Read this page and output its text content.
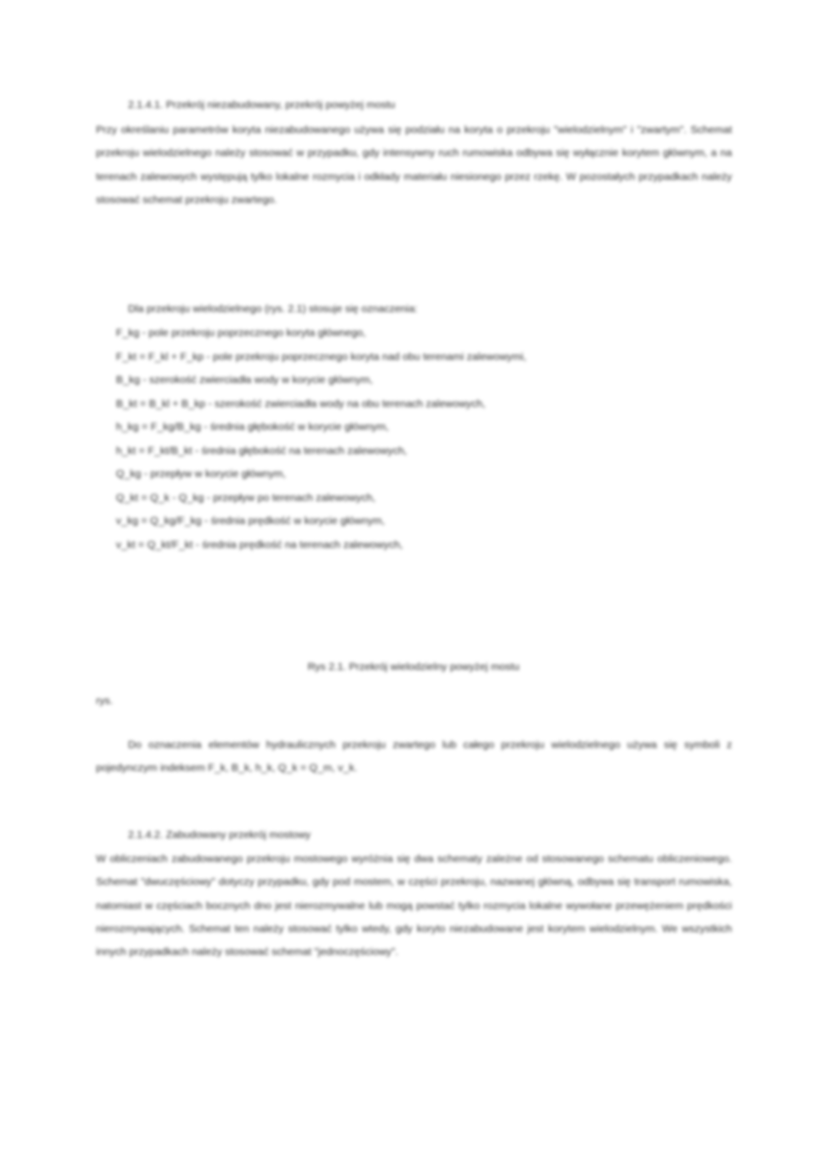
2.1.4.1. Przekrój niezabudowany, przekrój powyżej mostu
Przy określaniu parametrów koryta niezabudowanego używa się podziału na koryta o przekroju "wielodzielnym" i "zwartym". Schemat przekroju wielodzielnego należy stosować w przypadku, gdy intensywny ruch rumowiska odbywa się wyłącznie korytem głównym, a na terenach zalewowych występują tylko lokalne rozmycia i odkłady materiału niesionego przez rzekę. W pozostałych przypadkach należy stosować schemat przekroju zwartego.
Dla przekroju wielodzielnego (rys. 2.1) stosuje się oznaczenia:
F_kg - pole przekroju poprzecznego koryta głównego,
F_kt = F_kl + F_kp - pole przekroju poprzecznego koryta nad obu terenami zalewowymi,
B_kg - szerokość zwierciadła wody w korycie głównym,
B_kt = B_kl + B_kp - szerokość zwierciadła wody na obu terenach zalewowych,
h_kg = F_kg/B_kg - średnia głębokość w korycie głównym,
h_kt = F_kt/B_kt - średnia głębokość na terenach zalewowych,
Q_kg - przepływ w korycie głównym,
Q_kt = Q_k - Q_kg - przepływ po terenach zalewowych,
v_kg = Q_kg/F_kg - średnia prędkość w korycie głównym,
v_kt = Q_kt/F_kt - średnia prędkość na terenach zalewowych,
Rys 2.1. Przekrój wielodzielny powyżej mostu
rys.
Do oznaczenia elementów hydraulicznych przekroju zwartego lub całego przekroju wielodzielnego używa się symboli z pojedynczym indeksem F_k, B_k, h_k, Q_k = Q_m, v_k.
2.1.4.2. Zabudowany przekrój mostowy
W obliczeniach zabudowanego przekroju mostowego wyróżnia się dwa schematy zależne od stosowanego schematu obliczeniowego. Schemat "dwuczęściowy" dotyczy przypadku, gdy pod mostem, w części przekroju, nazwanej główną, odbywa się transport rumowiska, natomiast w częściach bocznych dno jest nierozmywalne lub mogą powstać tylko rozmycia lokalne wywołane przewężeniem prędkości nierozmywających. Schemat ten należy stosować tylko wtedy, gdy koryto niezabudowane jest korytem wielodzielnym. We wszystkich innych przypadkach należy stosować schemat "jednoczęściowy".
